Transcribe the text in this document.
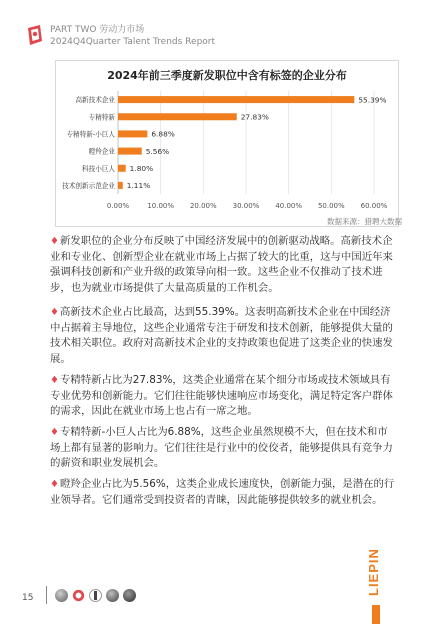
PART TWO 劳动力市场
2024Q4Quarter Talent Trends Report
2024年前三季度新发职位中含有标签的企业分布
0.00%	10.00% 20.00% 30.00% 40.00% 50.00% 60.00%
高新技术企业	55.39%
专精特新	27.83%
专精特新-小巨人	6.88%
瞪羚企业	5.56%
科技小巨人 1.80%
技术创新示范企业 1.11%
数据来源：猎聘大数据

♦新发职位的企业分布反映了中国经济发展中的创新驱动战略。高新技术企业和专业化、创新型企业在就业市场上占据了较大的比重，这与中国近年来强调科技创新和产业升级的政策导向相一致。这些企业不仅推动了技术进步，也为就业市场提供了大量高质量的工作机会。

♦高新技术企业占比最高，达到55.39%。这表明高新技术企业在中国经济中占据着主导地位，这些企业通常专注于研发和技术创新，能够提供大量的技术相关职位。政府对高新技术企业的支持政策也促进了这类企业的快速发展。

♦专精特新占比为27.83%，这类企业通常在某个细分市场或技术领域具有专业优势和创新能力。它们往往能够快速响应市场变化，满足特定客户群体的需求，因此在就业市场上也占有一席之地。

♦专精特新-小巨人占比为6.88%，这些企业虽然规模不大，但在技术和市场上都有显著的影响力。它们往往是行业中的佼佼者，能够提供具有竞争力的薪资和职业发展机会。

♦瞪羚企业占比为5.56%，这类企业成长速度快，创新能力强，是潜在的行业领导者。它们通常受到投资者的青睐，因此能够提供较多的就业机会。

15
LIEPIN
